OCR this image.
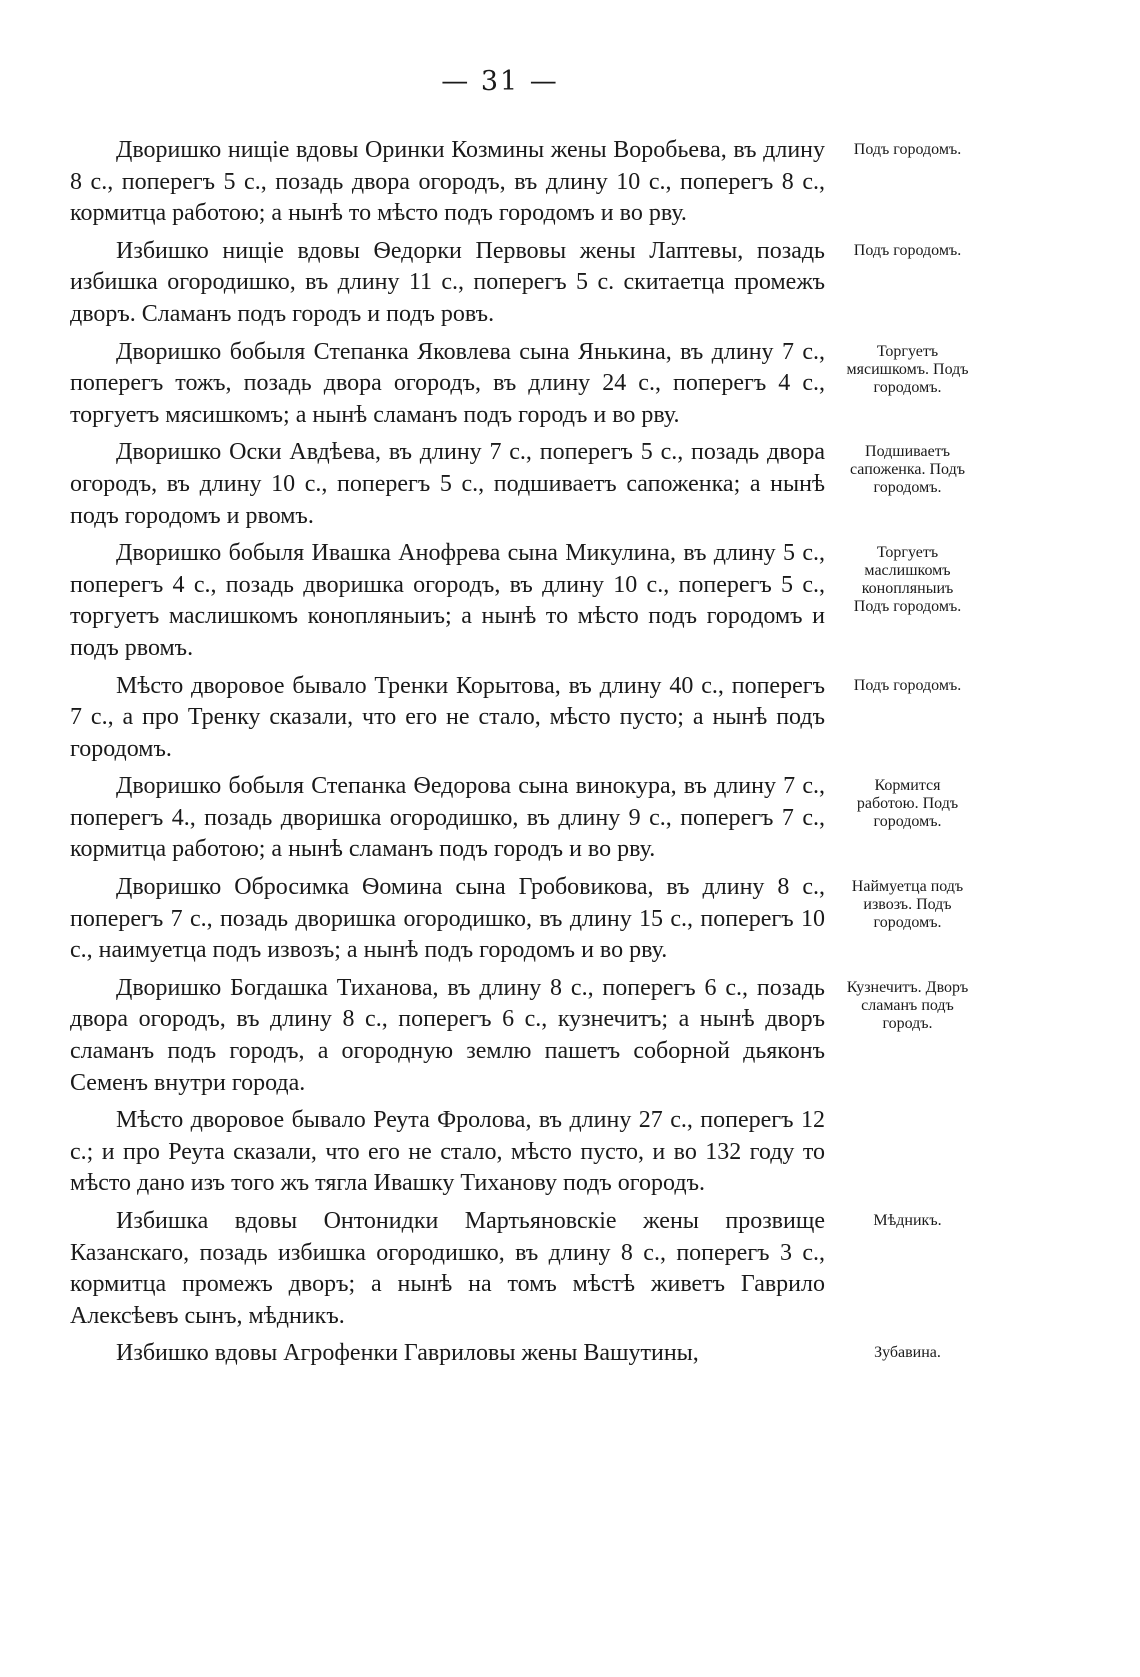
— 31 —
Дворишко нищіе вдовы Оринки Козмины жены Воробьева, въ длину 8 с., поперегъ 5 с., позадь двора огородъ, въ длину 10 с., поперегъ 8 с., кормитца работою; а нынѣ то мѣсто подъ городомъ и во рву.
Подъ городомъ.
Избишко нищіе вдовы Ѳедорки Первовы жены Лаптевы, позадь избишка огородишко, въ длину 11 с., поперегъ 5 с. скитаетца промежъ дворъ. Сламанъ подъ городъ и подъ ровъ.
Подъ городомъ.
Дворишко бобыля Степанка Яковлева сына Янькина, въ длину 7 с., поперегъ тожъ, позадь двора огородъ, въ длину 24 с., поперегъ 4 с., торгуетъ мясишкомъ; а нынѣ сламанъ подъ городъ и во рву.
Торгуетъ мясишкомъ. Подъ городомъ.
Дворишко Оски Авдѣева, въ длину 7 с., поперегъ 5 с., позадь двора огородъ, въ длину 10 с., поперегъ 5 с., подшиваетъ сапоженка; а нынѣ подъ городомъ и рвомъ.
Подшиваетъ сапоженка. Подъ городомъ.
Дворишко бобыля Ивашка Анофрева сына Микулина, въ длину 5 с., поперегъ 4 с., позадь двоpишка огородъ, въ длину 10 с., поперегъ 5 с., торгуетъ маслишкомъ конопляныиъ; а нынѣ то мѣсто подъ городомъ и подъ рвомъ.
Торгуетъ маслишкомъ конопляныиъ Подъ городомъ.
Мѣсто дворовое бывало Тренки Корытова, въ длину 40 с., поперегъ 7 с., а про Тренку сказали, что его не стало, мѣсто пусто; а нынѣ подъ городомъ.
Подъ городомъ.
Дворишко бобыля Степанка Ѳедорова сына винокура, въ длину 7 с., поперегъ 4., позадь дворишка огородишко, въ длину 9 с., поперегъ 7 с., кормитца работою; а нынѣ сламанъ подъ городъ и во рву.
Кормится работою. Подъ городомъ.
Дворишко Обросимка Ѳомина сына Гробовикова, въ длину 8 с., поперегъ 7 с., позадь дворишка огородишко, въ длину 15 с., поперегъ 10 с., наимуетца подъ извозъ; а нынѣ подъ городомъ и во рву.
Наймуетца подъ извозъ. Подъ городомъ.
Дворишко Богдашка Тиханова, въ длину 8 с., поперегъ 6 с., позадь двора огородъ, въ длину 8 с., поперегъ 6 с., кузнечитъ; а нынѣ дворъ сламанъ подъ городъ, а огородную землю пашетъ соборной дьяконъ Семенъ внутри города.
Кузнечитъ. Дворъ сламанъ подъ городъ.
Мѣсто дворовое бывало Реута Фролова, въ длину 27 с., поперегъ 12 с.; и про Реута сказали, что его не стало, мѣсто пусто, и во 132 году то мѣсто дано изъ того жъ тягла Ивашку Тиханову подъ огородъ.
Избишка вдовы Онтонидки Мартьяновскіе жены прозвище Казанскаго, позадь избишка огородишко, въ длину 8 с., поперегъ 3 с., кормитца промежъ дворъ; а нынѣ на томъ мѣстѣ живетъ Гаврило Алексѣевъ сынъ, мѣдникъ.
Мѣдникъ.
Избишко вдовы Агрофенки Гавриловы жены Вашутины,	Зубавина.
